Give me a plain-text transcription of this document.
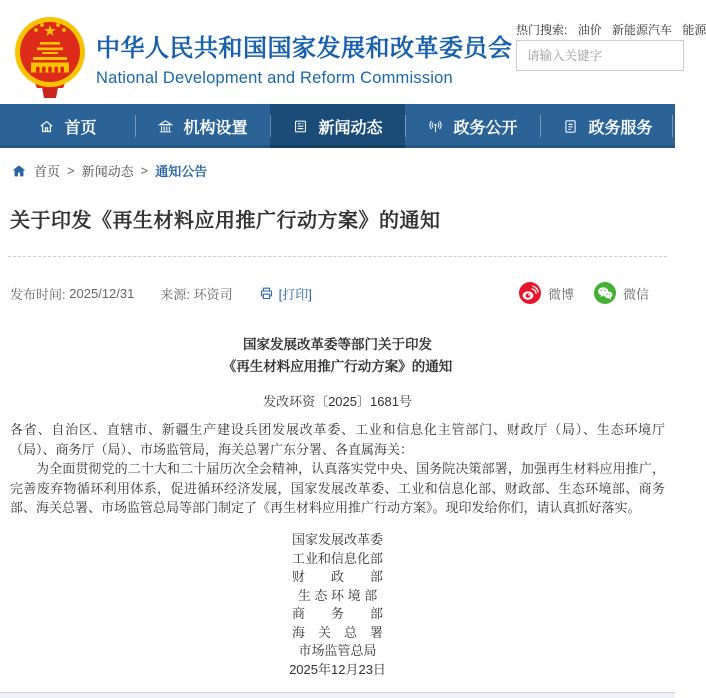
中华人民共和国国家发展和改革委员会
National Development and Reform Commission
热门搜索: 油价 新能源汽车 能源
请输入关键字
首页	机构设置	新闻动态	政务公开	政务服务
首页 > 新闻动态 > 通知公告
关于印发《再生材料应用推广行动方案》的通知
发布时间:
2025/12/31 来源:
环资司	[打印]	微博	微信
国家发展改革委等部门关于印发
《再生材料应用推广行动方案》的通知
发改环资〔2025〕1681号

各省、自治区、直辖市、新疆生产建设兵团发展改革委、工业和信息化主管部门、财政厅（局）、生态环境厅（局）、商务厅（局）、市场监管局，海关总署广东分署、各直属海关：

为全面贯彻党的二十大和二十届历次全会精神，认真落实党中央、国务院决策部署，加强再生材料应用推广，完善废弃物循环利用体系，促进循环经济发展，国家发展改革委、工业和信息化部、财政部、生态环境部、商务部、海关总署、市场监管总局等部门制定了《再生材料应用推广行动方案》。现印发给你们，请认真抓好落实。

国家发展改革委
工业和信息化部
财　　政　　部
生 态 环 境 部
商　　务　　部
海　关　总　署
市场监管总局
2025年12月23日
